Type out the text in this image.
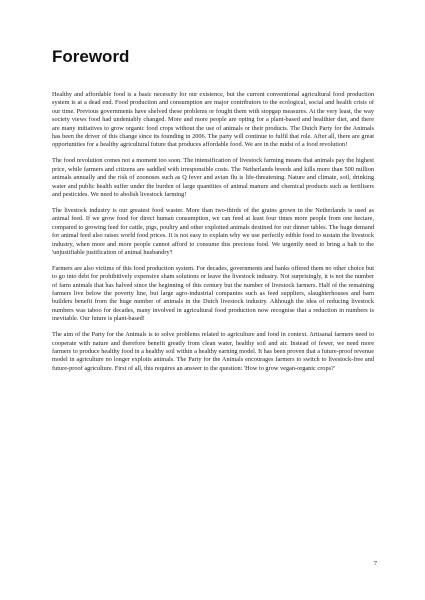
Foreword

Healthy and affordable food is a basic necessity for our existence, but the current conventional agricultural food production system is at a dead end. Food production and consumption are major contributors to the ecological, social and health crisis of our time. Previous governments have shelved these problems or fought them with stopgap measures. At the very least, the way society views food had undeniably changed. More and more people are opting for a plant-based and healthier diet, and there are many initiatives to grow organic food crops without the use of animals or their products. The Dutch Party for the Animals has been the driver of this change since its founding in 2006. The party will continue to fulfil that role. After all, there are great opportunities for a healthy agricultural future that produces affordable food. We are in the midst of a food revolution!

The food revolution comes not a moment too soon. The intensification of livestock farming means that animals pay the highest price, while farmers and citizens are saddled with irresponsible costs. The Netherlands breeds and kills more than 500 million animals annually and the risk of zoonoses such as Q fever and avian flu is life-threatening. Nature and climate, soil, drinking water and public health suffer under the burden of large quantities of animal manure and chemical products such as fertilisers and pesticides. We need to abolish livestock farming!

The livestock industry is our greatest food waster. More than two-thirds of the grains grown in the Netherlands is used as animal feed. If we grow food for direct human consumption, we can feed at least four times more people from one hectare, compared to growing feed for cattle, pigs, poultry and other exploited animals destined for our dinner tables. The huge demand for animal feed also raises world food prices. It is not easy to explain why we use perfectly edible food to sustain the livestock industry, when more and more people cannot afford to consume this precious food. We urgently need to bring a halt to the 'unjustifiable justification of animal husbandry'!

Farmers are also victims of this food production system. For decades, governments and banks offered them no other choice but to go into debt for prohibitively expensive sham solutions or leave the livestock industry. Not surprisingly, it is not the number of farm animals that has halved since the beginning of this century but the number of livestock farmers. Half of the remaining farmers live below the poverty line, but large agro-industrial companies such as feed suppliers, slaughterhouses and barn builders benefit from the huge number of animals in the Dutch livestock industry. Although the idea of reducing livestock numbers was taboo for decades, many involved in agricultural food production now recognise that a reduction in numbers is inevitable. Our future is plant-based!

The aim of the Party for the Animals is to solve problems related to agriculture and food in context. Artisanal farmers need to cooperate with nature and therefore benefit greatly from clean water, healthy soil and air. Instead of fewer, we need more farmers to produce healthy food in a healthy soil within a healthy earning model. It has been proven that a future-proof revenue model in agriculture no longer exploits animals. The Party for the Animals encourages farmers to switch to livestock-free and future-proof agriculture. First of all, this requires an answer to the question: 'How to grow vegan-organic crops?'

7
